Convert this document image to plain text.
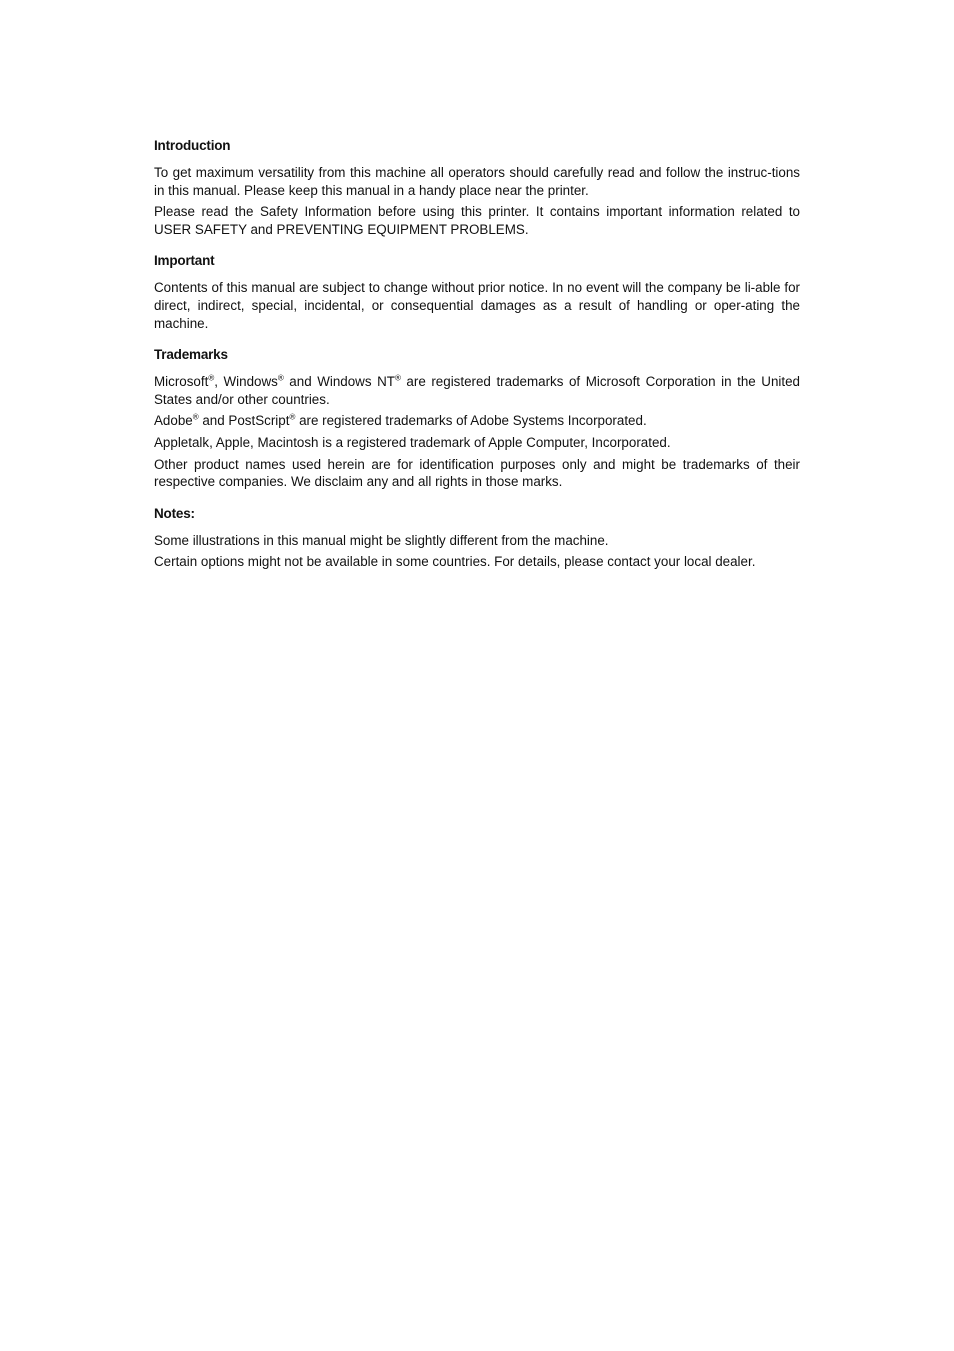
Introduction

To get maximum versatility from this machine all operators should carefully read and follow the instruc-tions in this manual. Please keep this manual in a handy place near the printer.

Please read the Safety Information before using this printer. It contains important information related to USER SAFETY and PREVENTING EQUIPMENT PROBLEMS.

Important

Contents of this manual are subject to change without prior notice. In no event will the company be li-able for direct, indirect, special, incidental, or consequential damages as a result of handling or oper-ating the machine.

Trademarks

Microsoft®, Windows® and Windows NT® are registered trademarks of Microsoft Corporation in the United States and/or other countries.

Adobe® and PostScript® are registered trademarks of Adobe Systems Incorporated.

Appletalk, Apple, Macintosh is a registered trademark of Apple Computer, Incorporated.

Other product names used herein are for identification purposes only and might be trademarks of their respective companies. We disclaim any and all rights in those marks.

Notes:

Some illustrations in this manual might be slightly different from the machine.

Certain options might not be available in some countries. For details, please contact your local dealer.
